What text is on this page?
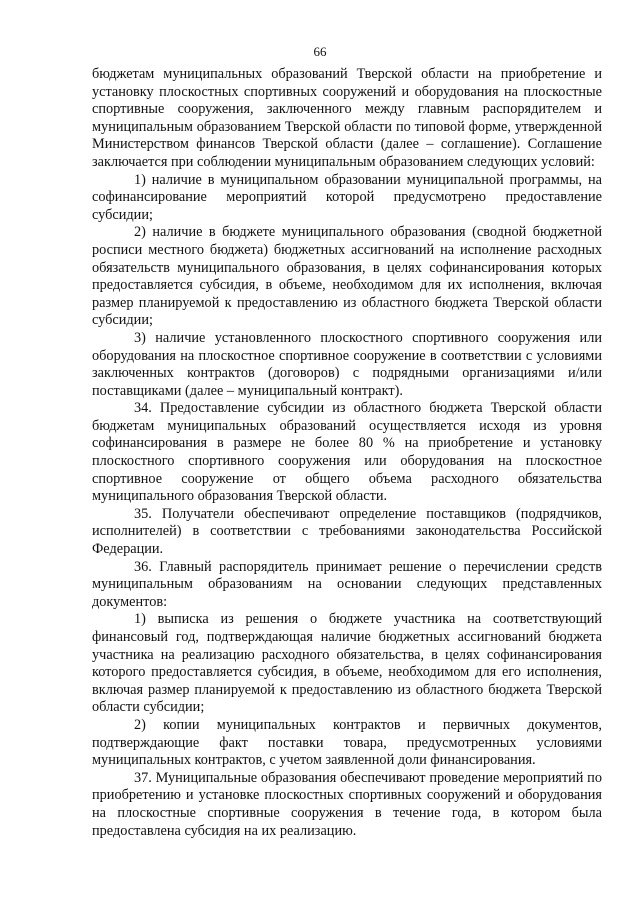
66

бюджетам муниципальных образований Тверской области на приобретение и установку плоскостных спортивных сооружений и оборудования на плоскостные спортивные сооружения, заключенного между главным распорядителем и муниципальным образованием Тверской области по типовой форме, утвержденной Министерством финансов Тверской области (далее – соглашение). Соглашение заключается при соблюдении муниципальным образованием следующих условий:

1) наличие в муниципальном образовании муниципальной программы, на софинансирование мероприятий которой предусмотрено предоставление субсидии;

2) наличие в бюджете муниципального образования (сводной бюджетной росписи местного бюджета) бюджетных ассигнований на исполнение расходных обязательств муниципального образования, в целях софинансирования которых предоставляется субсидия, в объеме, необходимом для их исполнения, включая размер планируемой к предоставлению из областного бюджета Тверской области субсидии;

3) наличие установленного плоскостного спортивного сооружения или оборудования на плоскостное спортивное сооружение в соответствии с условиями заключенных контрактов (договоров) с подрядными организациями и/или поставщиками (далее – муниципальный контракт).

34. Предоставление субсидии из областного бюджета Тверской области бюджетам муниципальных образований осуществляется исходя из уровня софинансирования в размере не более 80 % на приобретение и установку плоскостного спортивного сооружения или оборудования на плоскостное спортивное сооружение от общего объема расходного обязательства муниципального образования Тверской области.

35. Получатели обеспечивают определение поставщиков (подрядчиков, исполнителей) в соответствии с требованиями законодательства Российской Федерации.

36. Главный распорядитель принимает решение о перечислении средств муниципальным образованиям на основании следующих представленных документов:

1) выписка из решения о бюджете участника на соответствующий финансовый год, подтверждающая наличие бюджетных ассигнований бюджета участника на реализацию расходного обязательства, в целях софинансирования которого предоставляется субсидия, в объеме, необходимом для его исполнения, включая размер планируемой к предоставлению из областного бюджета Тверской области субсидии;

2) копии муниципальных контрактов и первичных документов, подтверждающие факт поставки товара, предусмотренных условиями муниципальных контрактов, с учетом заявленной доли финансирования.

37. Муниципальные образования обеспечивают проведение мероприятий по приобретению и установке плоскостных спортивных сооружений и оборудования на плоскостные спортивные сооружения в течение года, в котором была предоставлена субсидия на их реализацию.
